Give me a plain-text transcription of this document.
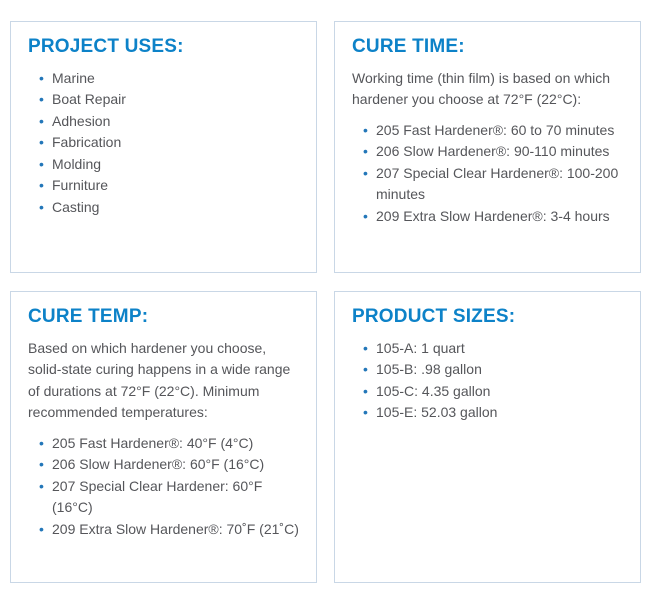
PROJECT USES:
• Marine
• Boat Repair
• Adhesion
• Fabrication
• Molding
• Furniture
• Casting
CURE TIME:

Working time (thin film) is based on which hardener you choose at 72°F (22°C):

• 205 Fast Hardener®: 60 to 70 minutes
• 206 Slow Hardener®: 90-110 minutes
• 207 Special Clear Hardener®: 100-200 minutes
• 209 Extra Slow Hardener®: 3-4 hours
CURE TEMP:

Based on which hardener you choose, solid-state curing happens in a wide range of durations at 72°F (22°C). Minimum recommended temperatures:

• 205 Fast Hardener®: 40°F (4°C)
• 206 Slow Hardener®: 60°F (16°C)
• 207 Special Clear Hardener: 60°F (16°C)
• 209 Extra Slow Hardener®: 70˚F (21˚C)
PRODUCT SIZES:
• 105-A: 1 quart
• 105-B: .98 gallon
• 105-C: 4.35 gallon
• 105-E: 52.03 gallon
